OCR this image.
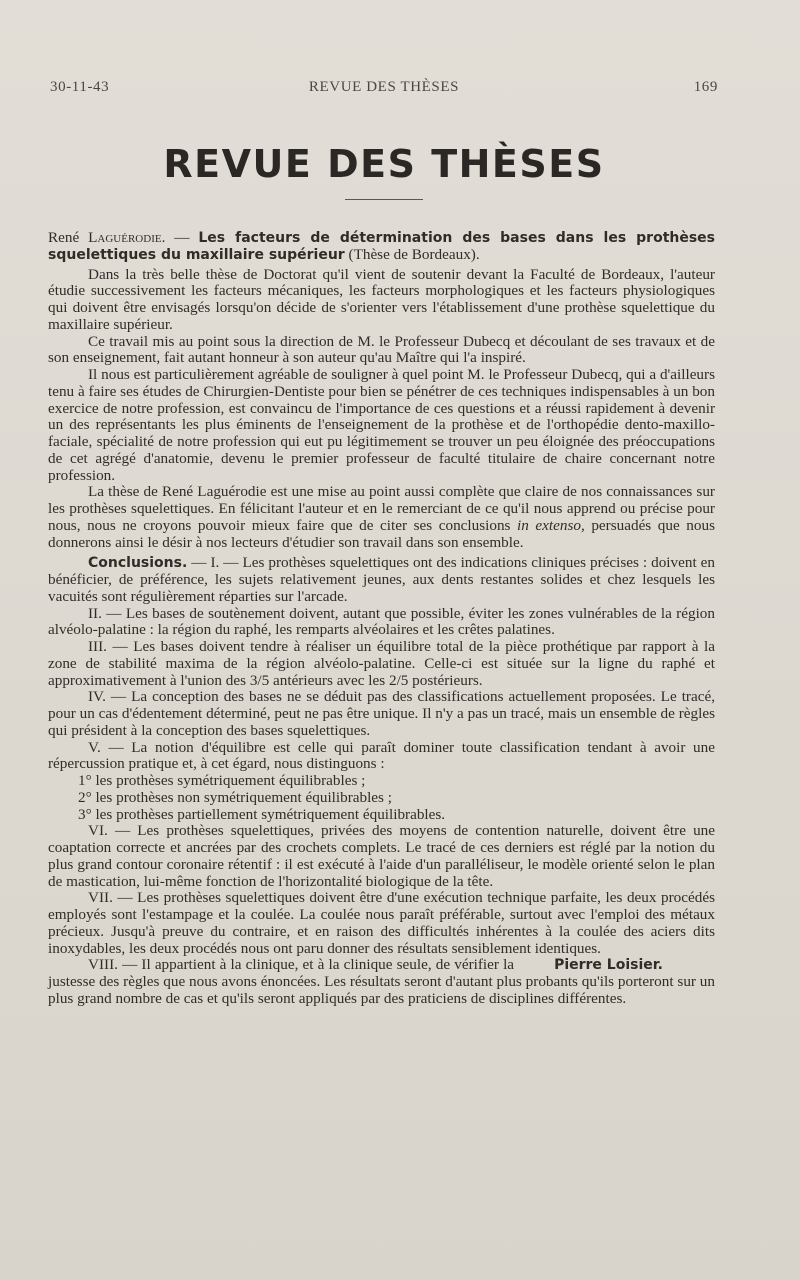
30-11-43	REVUE DES THÈSES	169
REVUE DES THÈSES

René Laguérodie. — Les facteurs de détermination des bases dans les prothèses squelettiques du maxillaire supérieur (Thèse de Bordeaux).

Dans la très belle thèse de Doctorat qu'il vient de soutenir devant la Faculté de Bordeaux, l'auteur étudie successivement les facteurs mécaniques, les facteurs morphologiques et les facteurs physiologiques qui doivent être envisagés lorsqu'on décide de s'orienter vers l'établissement d'une prothèse squelettique du maxillaire supérieur.

Ce travail mis au point sous la direction de M. le Professeur Dubecq et découlant de ses travaux et de son enseignement, fait autant honneur à son auteur qu'au Maître qui l'a inspiré.

Il nous est particulièrement agréable de souligner à quel point M. le Professeur Dubecq, qui a d'ailleurs tenu à faire ses études de Chirurgien-Dentiste pour bien se pénétrer de ces techniques indispensables à un bon exercice de notre profession, est convaincu de l'importance de ces questions et a réussi rapidement à devenir un des représentants les plus éminents de l'enseignement de la prothèse et de l'orthopédie dento-maxillo-faciale, spécialité de notre profession qui eut pu légitimement se trouver un peu éloignée des préoccupations de cet agrégé d'anatomie, devenu le premier professeur de faculté titulaire de chaire concernant notre profession.

La thèse de René Laguérodie est une mise au point aussi complète que claire de nos connaissances sur les prothèses squelettiques. En félicitant l'auteur et en le remerciant de ce qu'il nous apprend ou précise pour nous, nous ne croyons pouvoir mieux faire que de citer ses conclusions in extenso, persuadés que nous donnerons ainsi le désir à nos lecteurs d'étudier son travail dans son ensemble.

Conclusions. — I. — Les prothèses squelettiques ont des indications cliniques précises : doivent en bénéficier, de préférence, les sujets relativement jeunes, aux dents restantes solides et chez lesquels les vacuités sont régulièrement réparties sur l'arcade.

II. — Les bases de soutènement doivent, autant que possible, éviter les zones vulnérables de la région alvéolo-palatine : la région du raphé, les remparts alvéolaires et les crêtes palatines.

III. — Les bases doivent tendre à réaliser un équilibre total de la pièce prothétique par rapport à la zone de stabilité maxima de la région alvéolo-palatine. Celle-ci est située sur la ligne du raphé et approximativement à l'union des 3/5 antérieurs avec les 2/5 postérieurs.

IV. — La conception des bases ne se déduit pas des classifications actuellement proposées. Le tracé, pour un cas d'édentement déterminé, peut ne pas être unique. Il n'y a pas un tracé, mais un ensemble de règles qui président à la conception des bases squelettiques.

V. — La notion d'équilibre est celle qui paraît dominer toute classification tendant à avoir une répercussion pratique et, à cet égard, nous distinguons :

1° les prothèses symétriquement équilibrables ;

2° les prothèses non symétriquement équilibrables ;

3° les prothèses partiellement symétriquement équilibrables.

VI. — Les prothèses squelettiques, privées des moyens de contention naturelle, doivent être une coaptation correcte et ancrées par des crochets complets. Le tracé de ces derniers est réglé par la notion du plus grand contour coronaire rétentif : il est exécuté à l'aide d'un paralléliseur, le modèle orienté selon le plan de mastication, lui-même fonction de l'horizontalité biologique de la tête.

VII. — Les prothèses squelettiques doivent être d'une exécution technique parfaite, les deux procédés employés sont l'estampage et la coulée. La coulée nous paraît préférable, surtout avec l'emploi des métaux précieux. Jusqu'à preuve du contraire, et en raison des difficultés inhérentes à la coulée des aciers dits inoxydables, les deux procédés nous ont paru donner des résultats sensiblement identiques.

Pierre Loisier.
VIII. — Il appartient à la clinique, et à la clinique seule, de vérifier la justesse des règles que nous avons énoncées. Les résultats seront d'autant plus probants qu'ils porteront sur un plus grand nombre de cas et qu'ils seront appliqués par des praticiens de disciplines différentes.
